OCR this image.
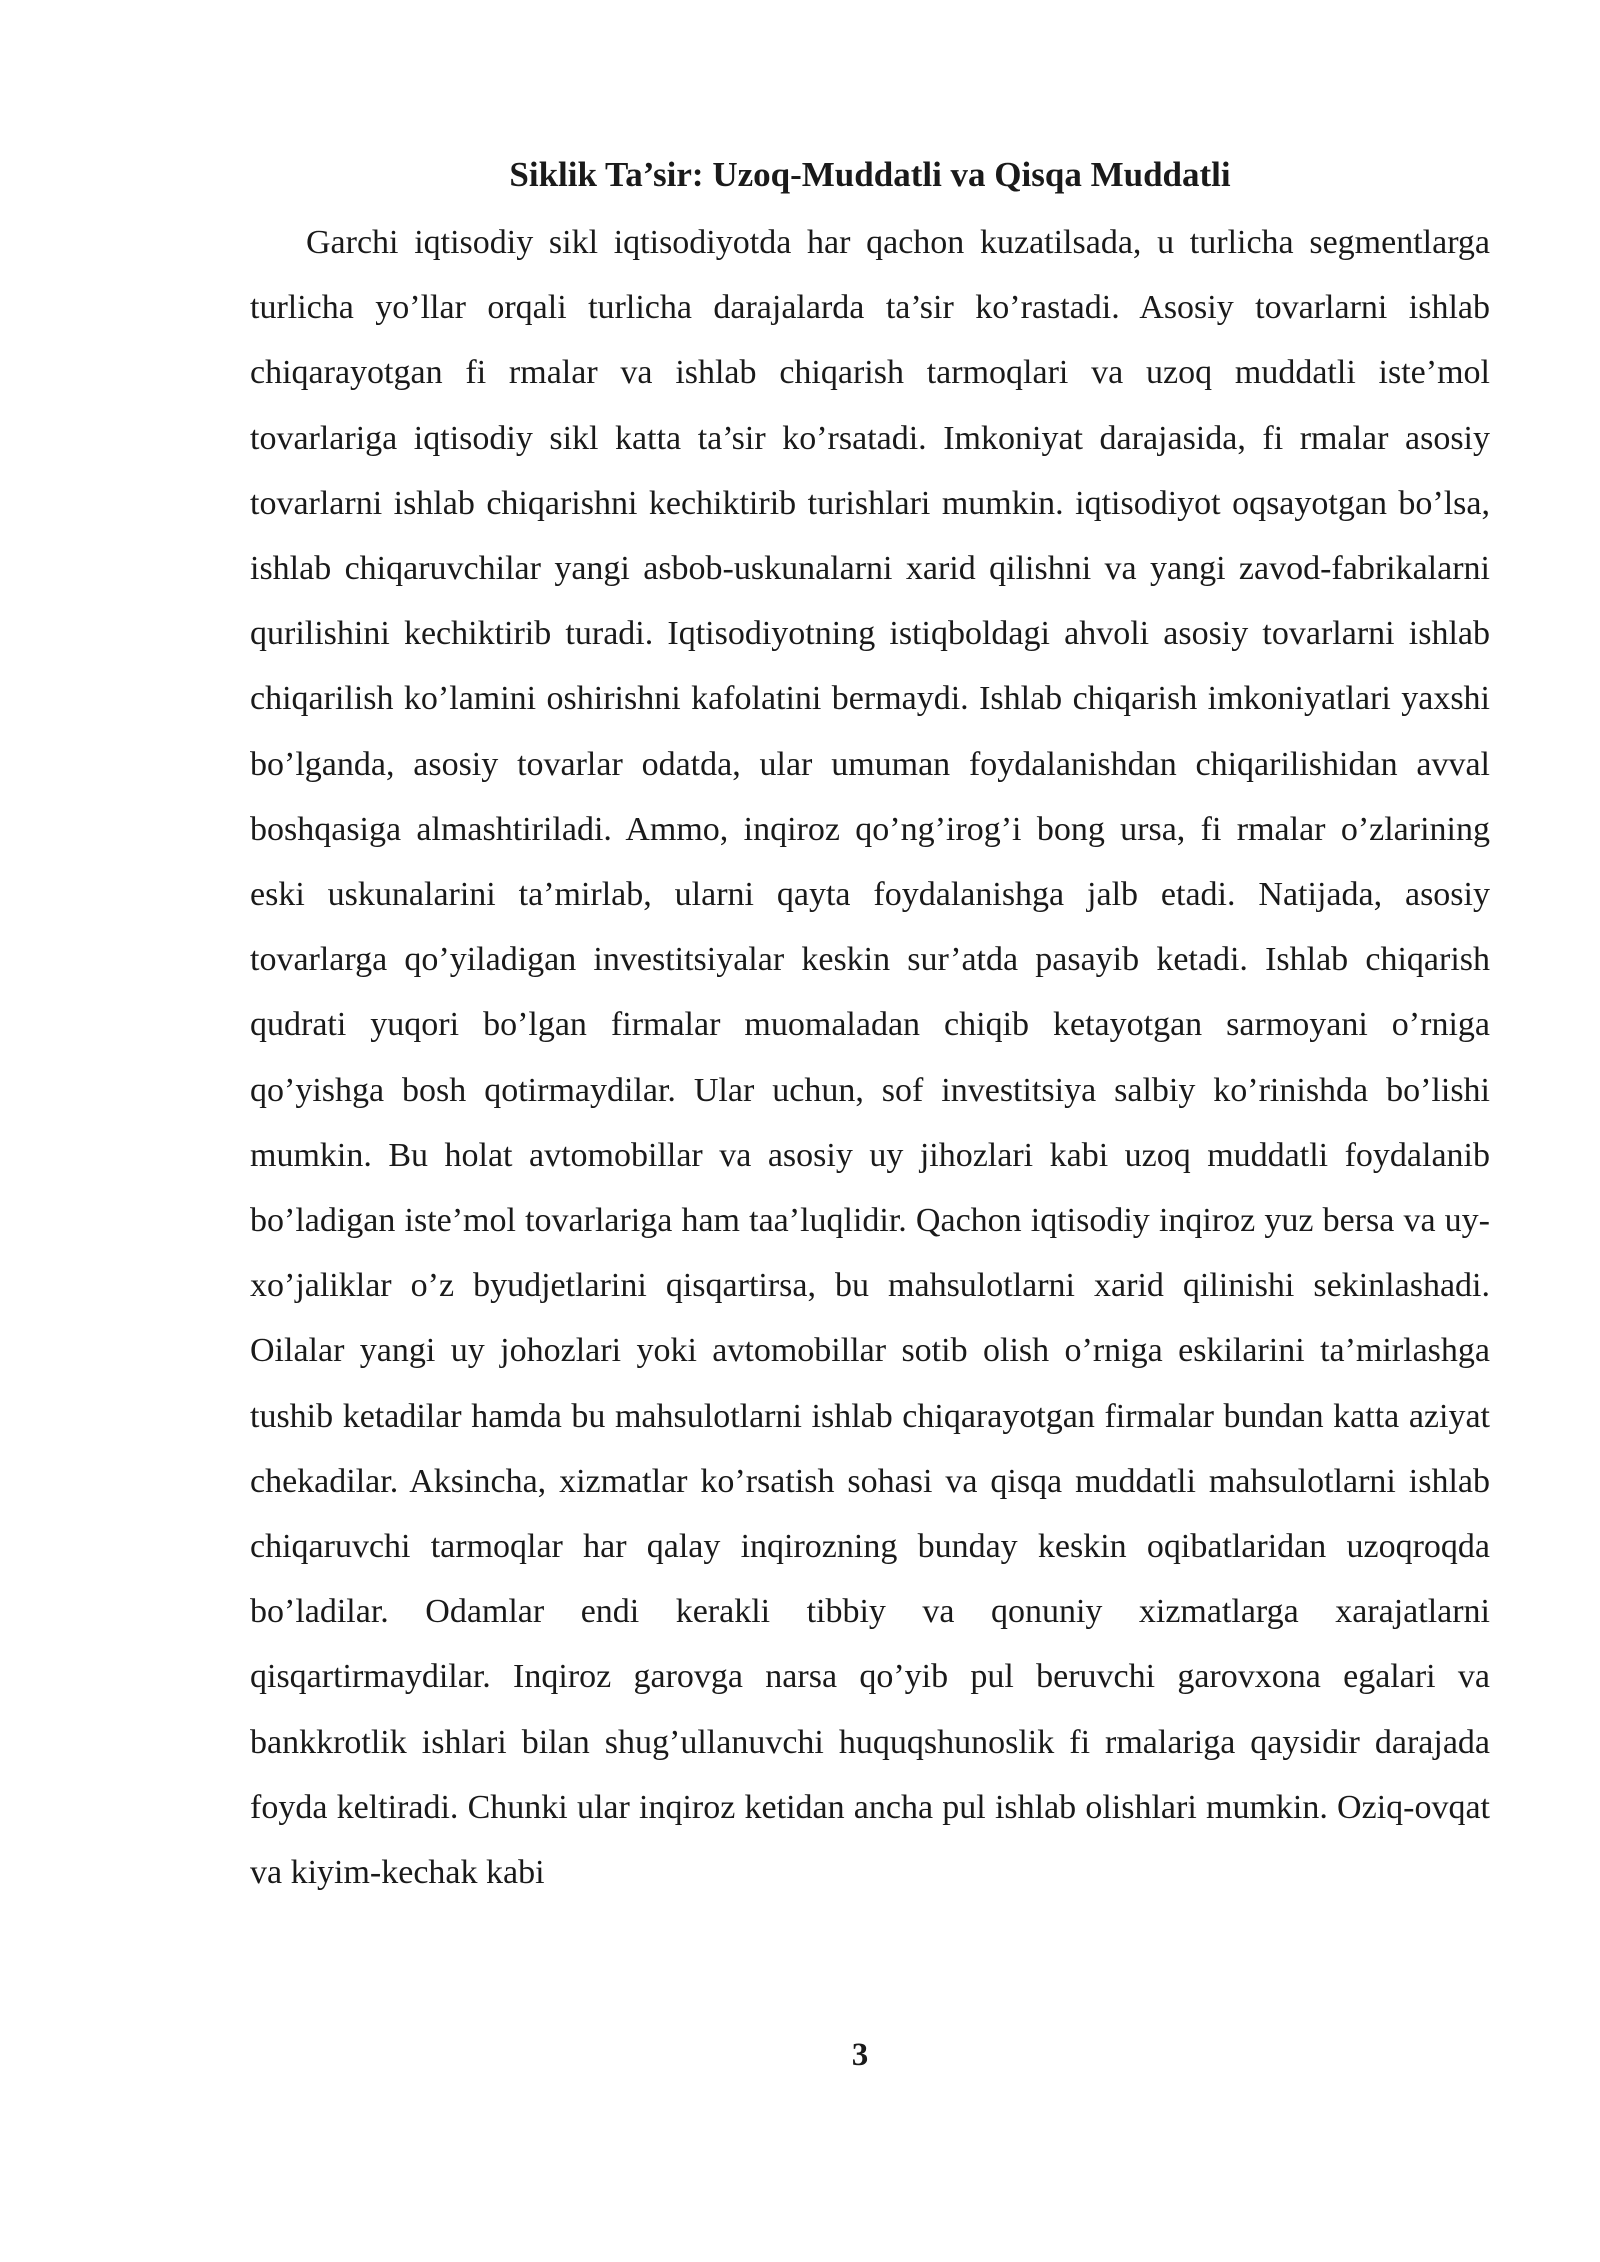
Siklik Ta’sir: Uzoq-Muddatli va Qisqa Muddatli

Garchi iqtisodiy sikl iqtisodiyotda har qachon kuzatilsada, u turlicha segmentlarga turlicha yo’llar orqali turlicha darajalarda ta’sir ko’rastadi. Asosiy tovarlarni ishlab chiqarayotgan fi rmalar va ishlab chiqarish tarmoqlari va uzoq muddatli iste’mol tovarlariga iqtisodiy sikl katta ta’sir ko’rsatadi. Imkoniyat darajasida, fi rmalar asosiy tovarlarni ishlab chiqarishni kechiktirib turishlari mumkin. iqtisodiyot oqsayotgan bo’lsa, ishlab chiqaruvchilar yangi asbob-uskunalarni xarid qilishni va yangi zavod-fabrikalarni qurilishini kechiktirib turadi. Iqtisodiyotning istiqboldagi ahvoli asosiy tovarlarni ishlab chiqarilish ko’lamini oshirishni kafolatini bermaydi. Ishlab chiqarish imkoniyatlari yaxshi bo’lganda, asosiy tovarlar odatda, ular umuman foydalanishdan chiqarilishidan avval boshqasiga almashtiriladi. Ammo, inqiroz qo’ng’irog’i bong ursa, fi rmalar o’zlarining eski uskunalarini ta’mirlab, ularni qayta foydalanishga jalb etadi. Natijada, asosiy tovarlarga qo’yiladigan investitsiyalar keskin sur’atda pasayib ketadi. Ishlab chiqarish qudrati yuqori bo’lgan firmalar muomaladan chiqib ketayotgan sarmoyani o’rniga qo’yishga bosh qotirmaydilar. Ular uchun, sof investitsiya salbiy ko’rinishda bo’lishi mumkin. Bu holat avtomobillar va asosiy uy jihozlari kabi uzoq muddatli foydalanib bo’ladigan iste’mol tovarlariga ham taa’luqlidir. Qachon iqtisodiy inqiroz yuz bersa va uy-xo’jaliklar o’z byudjetlarini qisqartirsa, bu mahsulotlarni xarid qilinishi sekinlashadi. Oilalar yangi uy johozlari yoki avtomobillar sotib olish o’rniga eskilarini ta’mirlashga tushib ketadilar hamda bu mahsulotlarni ishlab chiqarayotgan firmalar bundan katta aziyat chekadilar. Aksincha, xizmatlar ko’rsatish sohasi va qisqa muddatli mahsulotlarni ishlab chiqaruvchi tarmoqlar har qalay inqirozning bunday keskin oqibatlaridan uzoqroqda bo’ladilar. Odamlar endi kerakli tibbiy va qonuniy xizmatlarga xarajatlarni qisqartirmaydilar. Inqiroz garovga narsa qo’yib pul beruvchi garovxona egalari va bankkrotlik ishlari bilan shug’ullanuvchi huquqshunoslik fi rmalariga qaysidir darajada foyda keltiradi. Chunki ular inqiroz ketidan ancha pul ishlab olishlari mumkin. Oziq-ovqat va kiyim-kechak kabi

3
